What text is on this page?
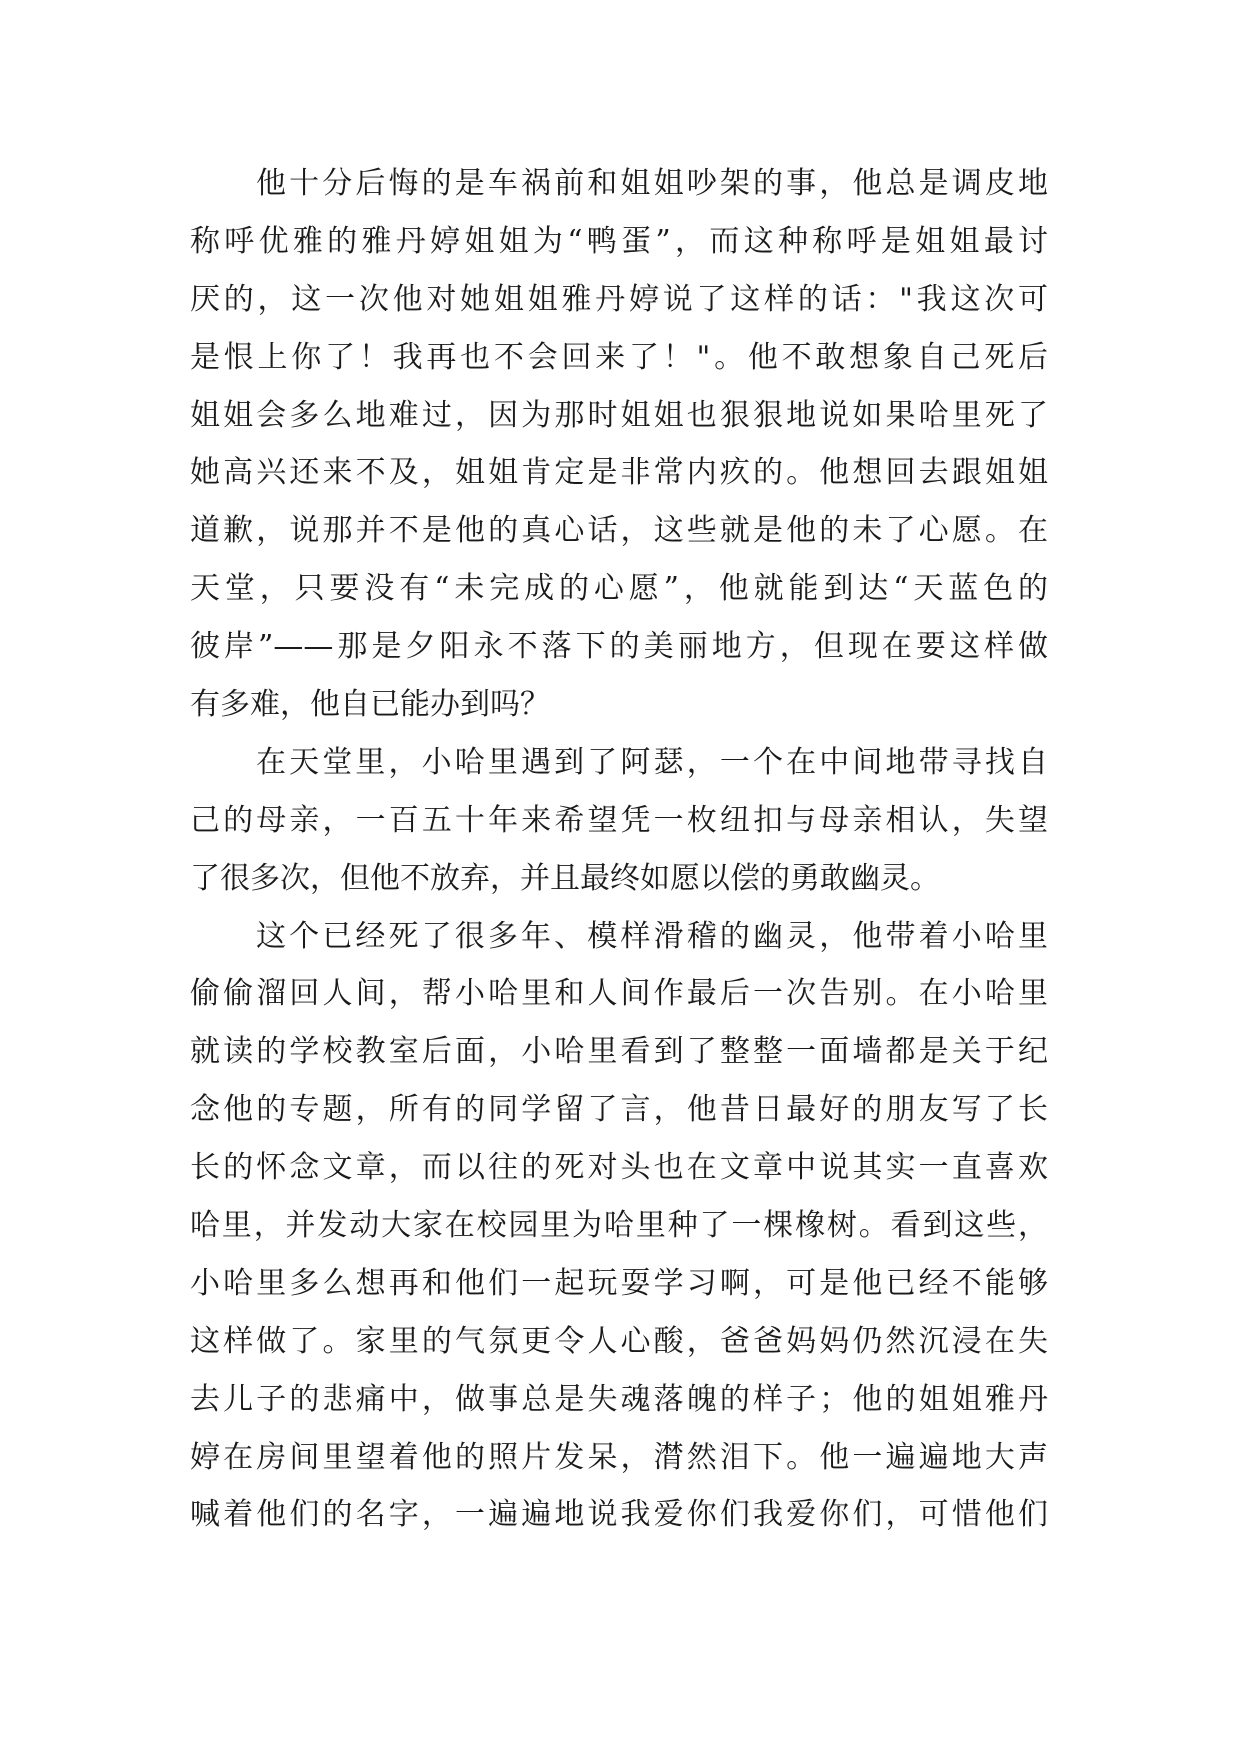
他十分后悔的是车祸前和姐姐吵架的事，他总是调皮地
称呼优雅的雅丹婷姐姐为“鸭蛋”，而这种称呼是姐姐最讨
厌的，这一次他对她姐姐雅丹婷说了这样的话："我这次可
是恨上你了！我再也不会回来了！"。他不敢想象自己死后
姐姐会多么地难过，因为那时姐姐也狠狠地说如果哈里死了
她高兴还来不及，姐姐肯定是非常内疚的。他想回去跟姐姐
道歉，说那并不是他的真心话，这些就是他的未了心愿。在
天堂，只要没有“未完成的心愿”，他就能到达“天蓝色的
彼岸”——那是夕阳永不落下的美丽地方，但现在要这样做
有多难，他自已能办到吗？
在天堂里，小哈里遇到了阿瑟，一个在中间地带寻找自
己的母亲，一百五十年来希望凭一枚纽扣与母亲相认，失望
了很多次，但他不放弃，并且最终如愿以偿的勇敢幽灵。
这个已经死了很多年、模样滑稽的幽灵，他带着小哈里
偷偷溜回人间，帮小哈里和人间作最后一次告别。在小哈里
就读的学校教室后面，小哈里看到了整整一面墙都是关于纪
念他的专题，所有的同学留了言，他昔日最好的朋友写了长
长的怀念文章，而以往的死对头也在文章中说其实一直喜欢
哈里，并发动大家在校园里为哈里种了一棵橡树。看到这些，
小哈里多么想再和他们一起玩耍学习啊，可是他已经不能够
这样做了。家里的气氛更令人心酸，爸爸妈妈仍然沉浸在失
去儿子的悲痛中，做事总是失魂落魄的样子；他的姐姐雅丹
婷在房间里望着他的照片发呆，潸然泪下。他一遍遍地大声
喊着他们的名字，一遍遍地说我爱你们我爱你们，可惜他们
